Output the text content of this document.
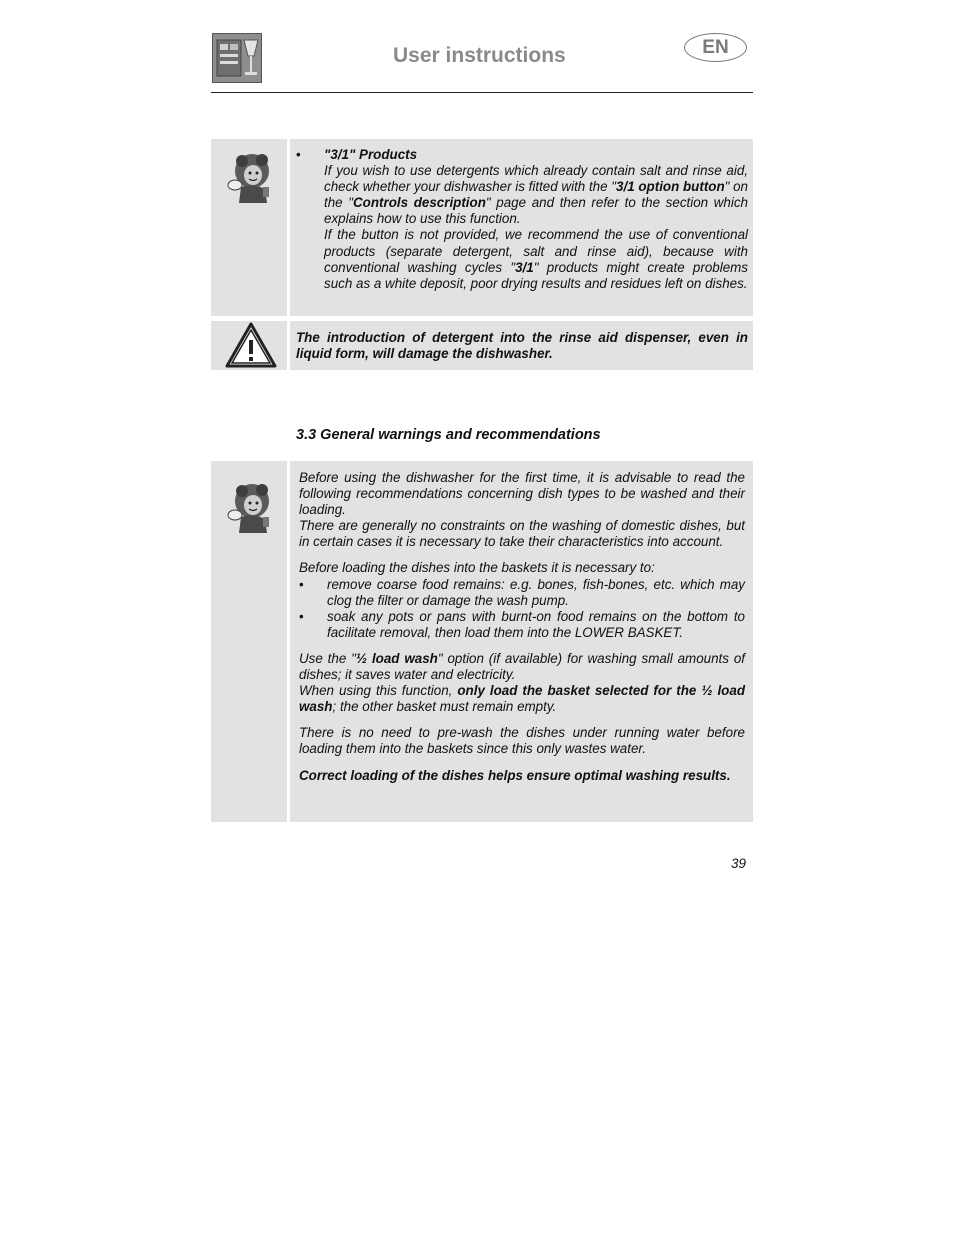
User instructions	EN
•	"3/1" Products

If you wish to use detergents which already contain salt and rinse aid, check whether your dishwasher is fitted with the "3/1 option button" on the "Controls description" page and then refer to the section which explains how to use this function.

If the button is not provided, we recommend the use of conventional products (separate detergent, salt and rinse aid), because with conventional washing cycles "3/1" products might create problems such as a white deposit, poor drying results and residues left on dishes.

The introduction of detergent into the rinse aid dispenser, even in liquid form, will damage the dishwasher.
3.3 General warnings and recommendations

Before using the dishwasher for the first time, it is advisable to read the following recommendations concerning dish types to be washed and their loading.

There are generally no constraints on the washing of domestic dishes, but in certain cases it is necessary to take their characteristics into account.

Before loading the dishes into the baskets it is necessary to:

•	remove coarse food remains: e.g. bones, fish-bones, etc. which may clog the filter or damage the wash pump.
•	soak any pots or pans with burnt-on food remains on the bottom to facilitate removal, then load them into the LOWER BASKET.

Use the "½ load wash" option (if available) for washing small amounts of dishes; it saves water and electricity.

When using this function, only load the basket selected for the ½ load wash; the other basket must remain empty.

There is no need to pre-wash the dishes under running water before loading them into the baskets since this only wastes water.

Correct loading of the dishes helps ensure optimal washing results.

39
